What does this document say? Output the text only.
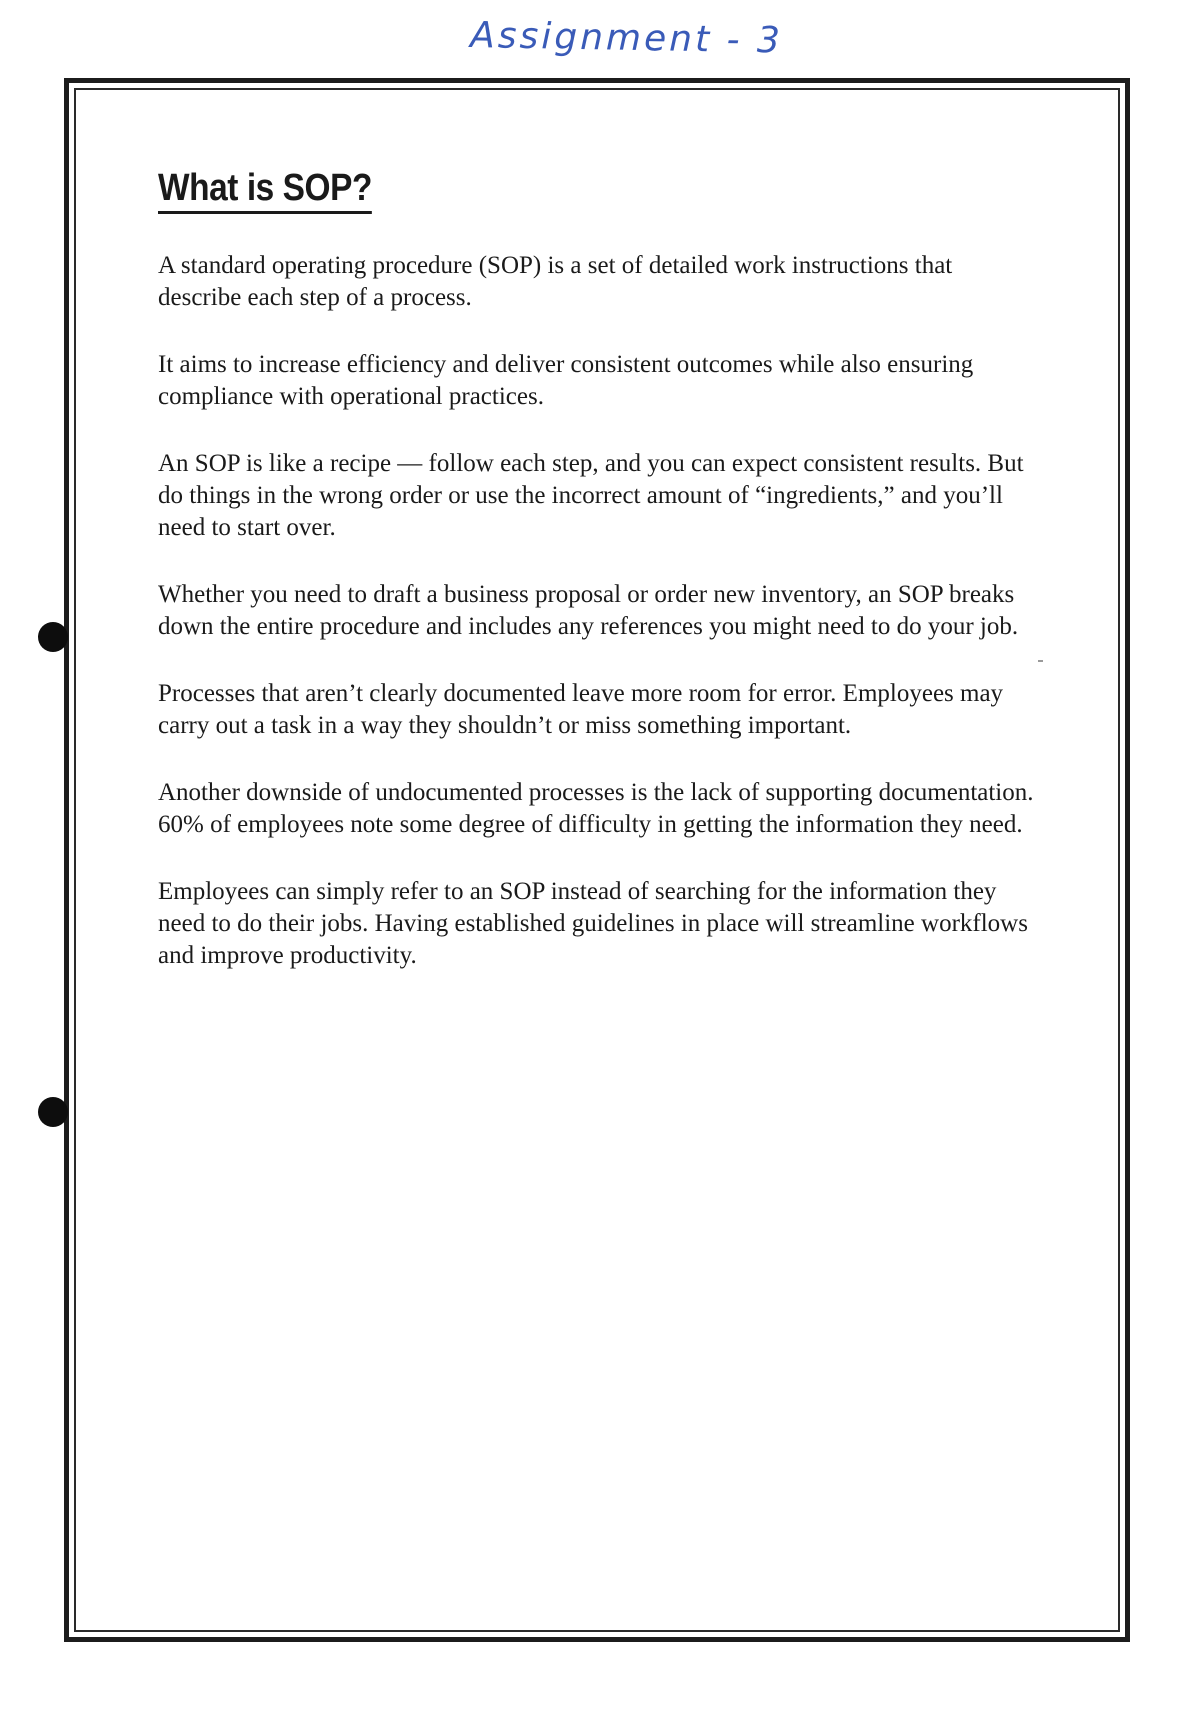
Assignment - 3
What is SOP?

A standard operating procedure (SOP) is a set of detailed work instructions that describe each step of a process.

It aims to increase efficiency and deliver consistent outcomes while also ensuring compliance with operational practices.

An SOP is like a recipe — follow each step, and you can expect consistent results. But do things in the wrong order or use the incorrect amount of “ingredients,” and you’ll need to start over.

Whether you need to draft a business proposal or order new inventory, an SOP breaks down the entire procedure and includes any references you might need to do your job.

Processes that aren’t clearly documented leave more room for error. Employees may carry out a task in a way they shouldn’t or miss something important.

Another downside of undocumented processes is the lack of supporting documentation. 60% of employees note some degree of difficulty in getting the information they need.

Employees can simply refer to an SOP instead of searching for the information they need to do their jobs. Having established guidelines in place will streamline workflows and improve productivity.
